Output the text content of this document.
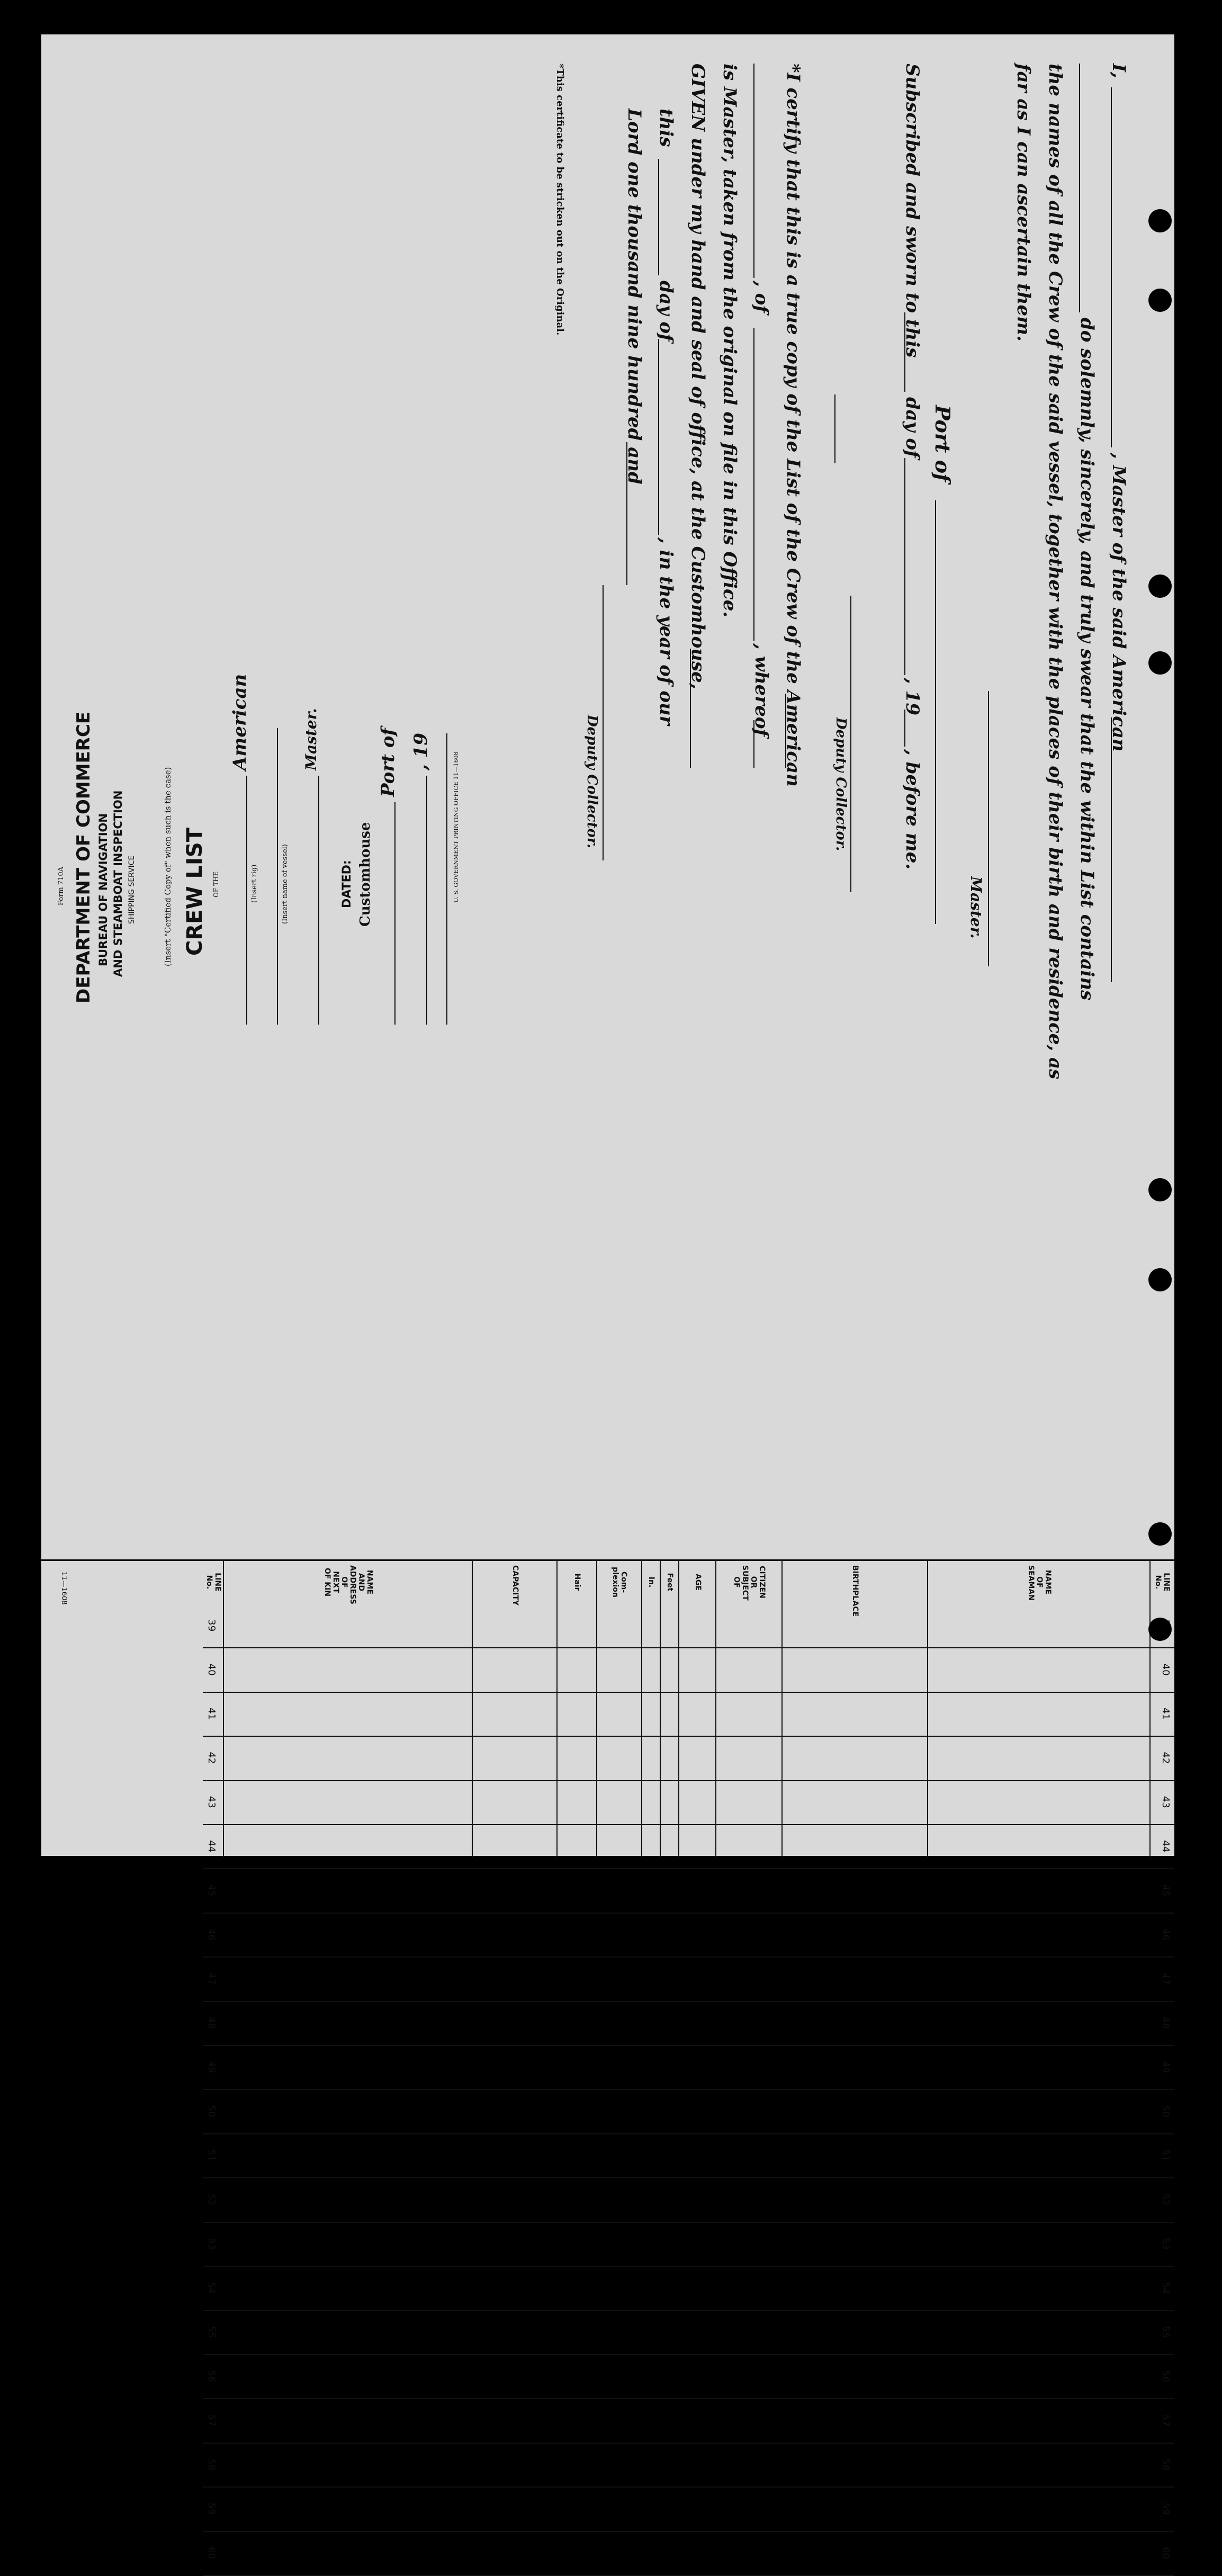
I,
, Master of the said American
do solemnly, sincerely, and truly swear that the within List contains
the names of all the Crew of the said vessel, together with the places of their birth and residence, as
far as I can ascertain them.
Master.
Port of
Subscribed and sworn to this
day of
, 19
, before me.
Deputy Collector.
*I certify that this is a true copy of the List of the Crew of the American
, of
, whereof
is Master, taken from the original on file in this Office.
GIVEN under my hand and seal of office, at the Customhouse,
this
day of
, in the year of our
Lord one thousand nine hundred and
Deputy Collector.
*This certificate to be stricken out on the Original.
Form 710A DEPARTMENT OF COMMERCE BUREAU OF NAVIGATION AND STEAMBOAT INSPECTION SHIPPING SERVICE	(Insert "Certified Copy of" when such is the case) CREW LIST OF THE
American
(Insert rig)	(Insert name of vessel)
Master.
DATED: Customhouse
Port of , 19
U. S. GOVERNMENT PRINTING OFFICE 11—1608
LINE No.
NAME OF SEAMAN
BIRTHPLACE
CITIZEN OR SUBJECT OF
AGE
Feet
In.
Com-plexion
Hair
CAPACITY
NAME AND ADDRESS OF NEXT OF KIN
LINE No.
39
40
40
41
41
42
42
43
43
44
44
45
45
46
46
47
47
48
48
49
49
50
50
51
51
52
52
53
53
54
54
55
55
56
56
57
57
58
58
59
59
60
60
11—1608
